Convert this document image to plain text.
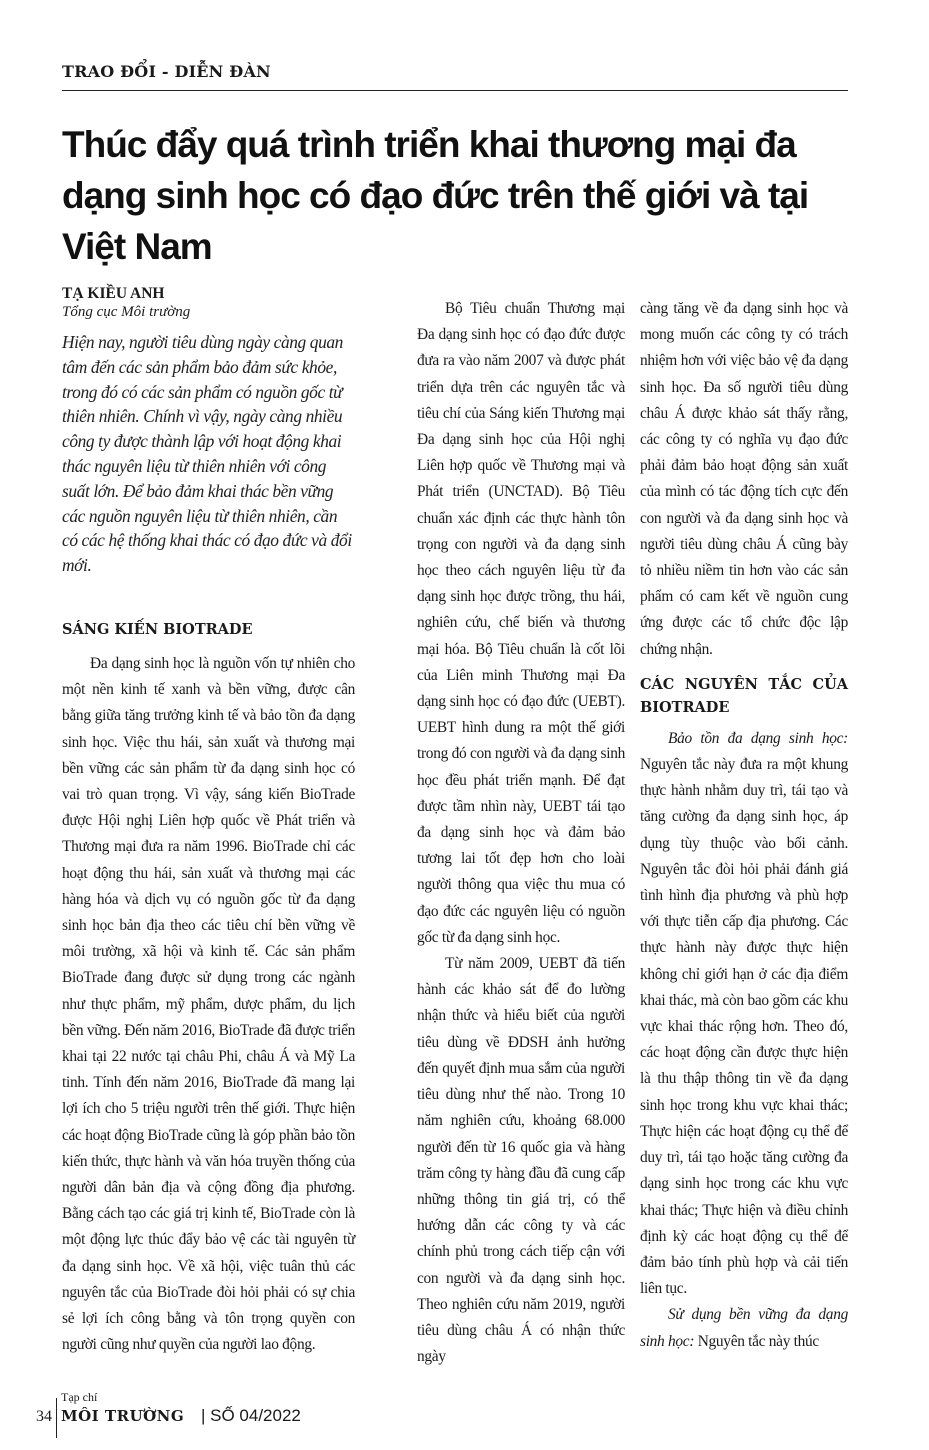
TRAO ĐỔI - DIỄN ĐÀN
Thúc đẩy quá trình triển khai thương mại đa dạng sinh học có đạo đức trên thế giới và tại Việt Nam
TẠ KIỀU ANH
Tổng cục Môi trường
Hiện nay, người tiêu dùng ngày càng quan tâm đến các sản phẩm bảo đảm sức khỏe, trong đó có các sản phẩm có nguồn gốc từ thiên nhiên. Chính vì vậy, ngày càng nhiều công ty được thành lập với hoạt động khai thác nguyên liệu từ thiên nhiên với công suất lớn. Để bảo đảm khai thác bền vững các nguồn nguyên liệu từ thiên nhiên, cần có các hệ thống khai thác có đạo đức và đổi mới.
SÁNG KIẾN BIOTRADE

Đa dạng sinh học là nguồn vốn tự nhiên cho một nền kinh tế xanh và bền vững, được cân bằng giữa tăng trưởng kinh tế và bảo tồn đa dạng sinh học. Việc thu hái, sản xuất và thương mại bền vững các sản phẩm từ đa dạng sinh học có vai trò quan trọng. Vì vậy, sáng kiến BioTrade được Hội nghị Liên hợp quốc về Phát triển và Thương mại đưa ra năm 1996. BioTrade chỉ các hoạt động thu hái, sản xuất và thương mại các hàng hóa và dịch vụ có nguồn gốc từ đa dạng sinh học bản địa theo các tiêu chí bền vững về môi trường, xã hội và kinh tế. Các sản phẩm BioTrade đang được sử dụng trong các ngành như thực phẩm, mỹ phẩm, dược phẩm, du lịch bền vững. Đến năm 2016, BioTrade đã được triển khai tại 22 nước tại châu Phi, châu Á và Mỹ La tinh. Tính đến năm 2016, BioTrade đã mang lại lợi ích cho 5 triệu người trên thế giới. Thực hiện các hoạt động BioTrade cũng là góp phần bảo tồn kiến thức, thực hành và văn hóa truyền thống của người dân bản địa và cộng đồng địa phương. Bằng cách tạo các giá trị kinh tế, BioTrade còn là một động lực thúc đẩy bảo vệ các tài nguyên từ đa dạng sinh học. Về xã hội, việc tuân thủ các nguyên tắc của BioTrade đòi hỏi phải có sự chia sẻ lợi ích công bằng và tôn trọng quyền con người cũng như quyền của người lao động.

Bộ Tiêu chuẩn Thương mại Đa dạng sinh học có đạo đức được đưa ra vào năm 2007 và được phát triển dựa trên các nguyên tắc và tiêu chí của Sáng kiến Thương mại Đa dạng sinh học của Hội nghị Liên hợp quốc về Thương mại và Phát triển (UNCTAD). Bộ Tiêu chuẩn xác định các thực hành tôn trọng con người và đa dạng sinh học theo cách nguyên liệu từ đa dạng sinh học được trồng, thu hái, nghiên cứu, chế biến và thương mại hóa. Bộ Tiêu chuẩn là cốt lõi của Liên minh Thương mại Đa dạng sinh học có đạo đức (UEBT). UEBT hình dung ra một thế giới trong đó con người và đa dạng sinh học đều phát triển mạnh. Để đạt được tầm nhìn này, UEBT tái tạo đa dạng sinh học và đảm bảo tương lai tốt đẹp hơn cho loài người thông qua việc thu mua có đạo đức các nguyên liệu có nguồn gốc từ đa dạng sinh học.

Từ năm 2009, UEBT đã tiến hành các khảo sát để đo lường nhận thức và hiểu biết của người tiêu dùng về ĐDSH ảnh hưởng đến quyết định mua sắm của người tiêu dùng như thế nào. Trong 10 năm nghiên cứu, khoảng 68.000 người đến từ 16 quốc gia và hàng trăm công ty hàng đầu đã cung cấp những thông tin giá trị, có thể hướng dẫn các công ty và các chính phủ trong cách tiếp cận với con người và đa dạng sinh học. Theo nghiên cứu năm 2019, người tiêu dùng châu Á có nhận thức ngày

càng tăng về đa dạng sinh học và mong muốn các công ty có trách nhiệm hơn với việc bảo vệ đa dạng sinh học. Đa số người tiêu dùng châu Á được khảo sát thấy rằng, các công ty có nghĩa vụ đạo đức phải đảm bảo hoạt động sản xuất của mình có tác động tích cực đến con người và đa dạng sinh học và người tiêu dùng châu Á cũng bày tỏ nhiều niềm tin hơn vào các sản phẩm có cam kết về nguồn cung ứng được các tổ chức độc lập chứng nhận.

CÁC NGUYÊN TẮC CỦA BIOTRADE

Bảo tồn đa dạng sinh học: Nguyên tắc này đưa ra một khung thực hành nhằm duy trì, tái tạo và tăng cường đa dạng sinh học, áp dụng tùy thuộc vào bối cảnh. Nguyên tắc đòi hỏi phải đánh giá tình hình địa phương và phù hợp với thực tiễn cấp địa phương. Các thực hành này được thực hiện không chỉ giới hạn ở các địa điểm khai thác, mà còn bao gồm các khu vực khai thác rộng hơn. Theo đó, các hoạt động cần được thực hiện là thu thập thông tin về đa dạng sinh học trong khu vực khai thác; Thực hiện các hoạt động cụ thể để duy trì, tái tạo hoặc tăng cường đa dạng sinh học trong các khu vực khai thác; Thực hiện và điều chỉnh định kỳ các hoạt động cụ thể để đảm bảo tính phù hợp và cải tiến liên tục.

Sử dụng bền vững đa dạng sinh học: Nguyên tắc này thúc

34
Tạp chí
MÔI TRƯỜNG | SỐ 04/2022
